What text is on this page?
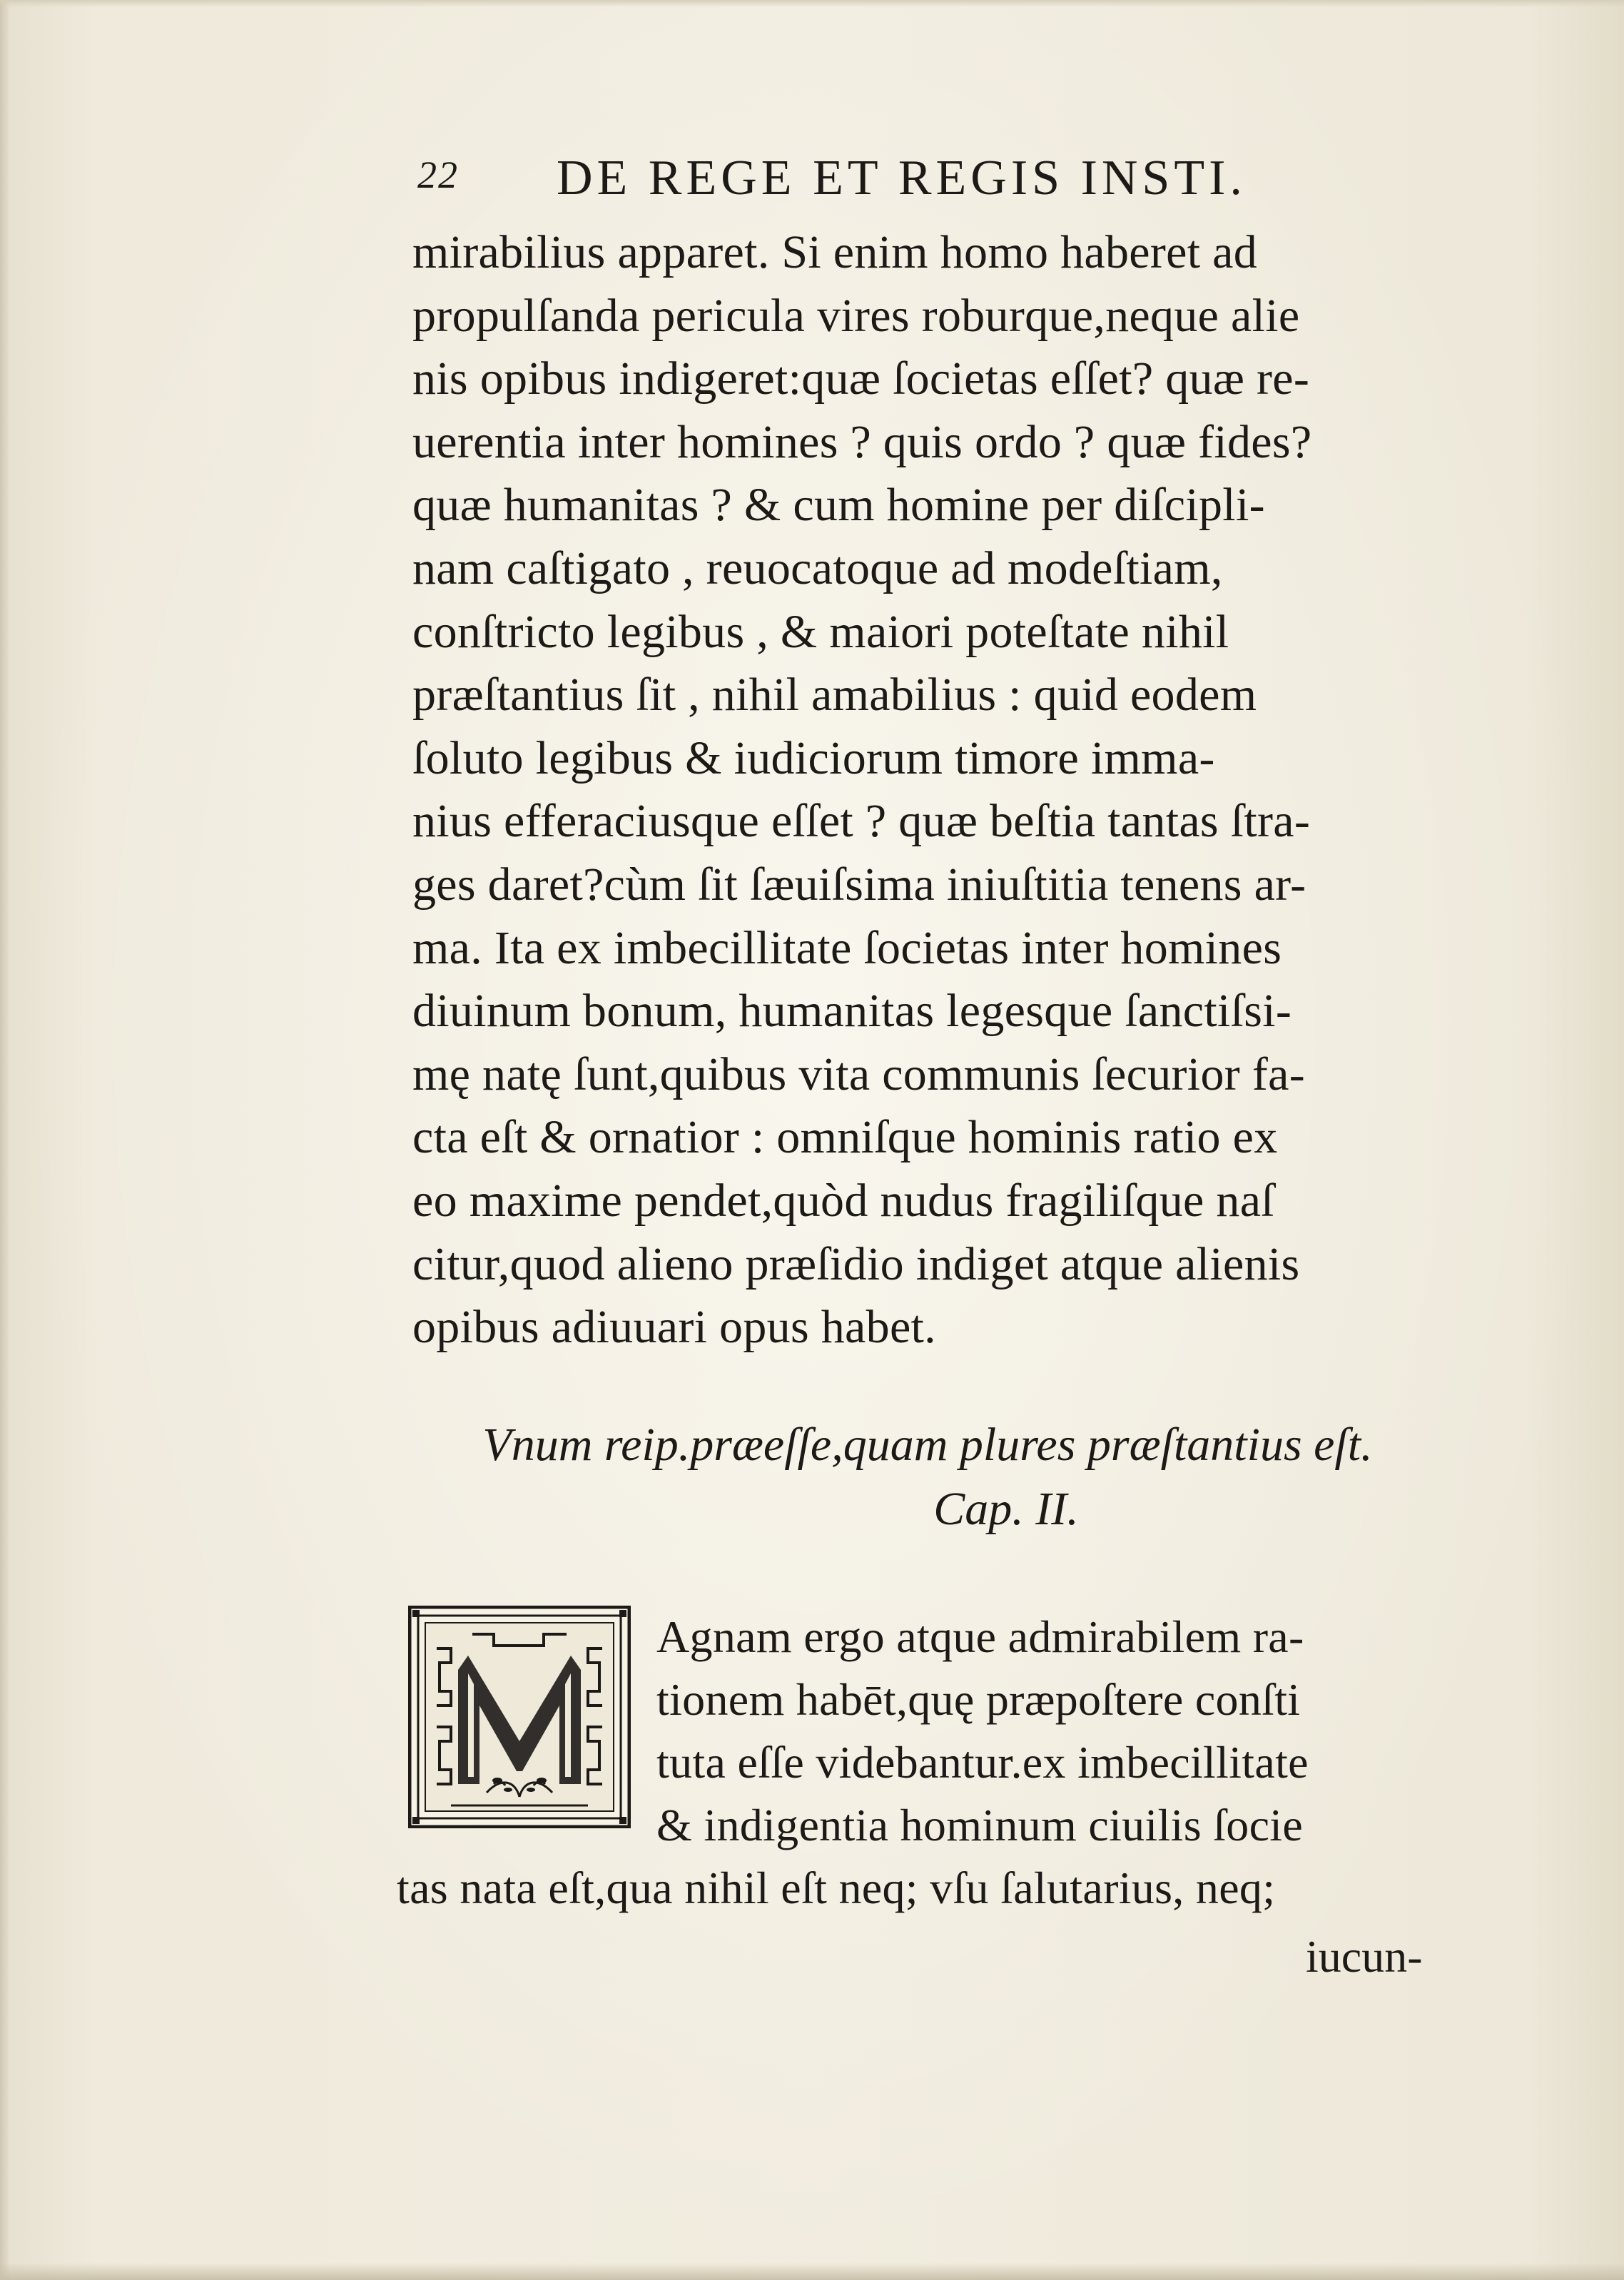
22 DE REGE ET REGIS INSTI.
mirabilius apparet. Si enim homo haberet ad
propulſanda pericula vires roburque,neque alie
nis opibus indigeret:quæ ſocietas eſſet? quæ re-
uerentia inter homines ? quis ordo ? quæ fides?
quæ humanitas ? & cum homine per diſcipli-
nam caſtigato , reuocatoque ad modeſtiam,
conſtricto legibus , & maiori poteſtate nihil
præſtantius ſit , nihil amabilius : quid eodem
ſoluto legibus & iudiciorum timore imma-
nius efferaciusque eſſet ? quæ beſtia tantas ſtra-
ges daret?cùm ſit ſæuiſsima iniuſtitia tenens ar-
ma. Ita ex imbecillitate ſocietas inter homines
diuinum bonum, humanitas legesque ſanctiſsi-
mę natę ſunt,quibus vita communis ſecurior fa-
cta eſt & ornatior : omniſque hominis ratio ex
eo maxime pendet,quòd nudus fragiliſque naſ
citur,quod alieno præſidio indiget atque alienis
opibus adiuuari opus habet.
Vnum reip.præeſſe,quam plures præſtantius eſt.
Cap. II.
Agnam ergo atque admirabilem ra-
tionem habēt,quę præpoſtere conſti
tuta eſſe videbantur.ex imbecillitate
& indigentia hominum ciuilis ſocie
tas nata eſt,qua nihil eſt neq; vſu ſalutarius, neq;
iucun-
